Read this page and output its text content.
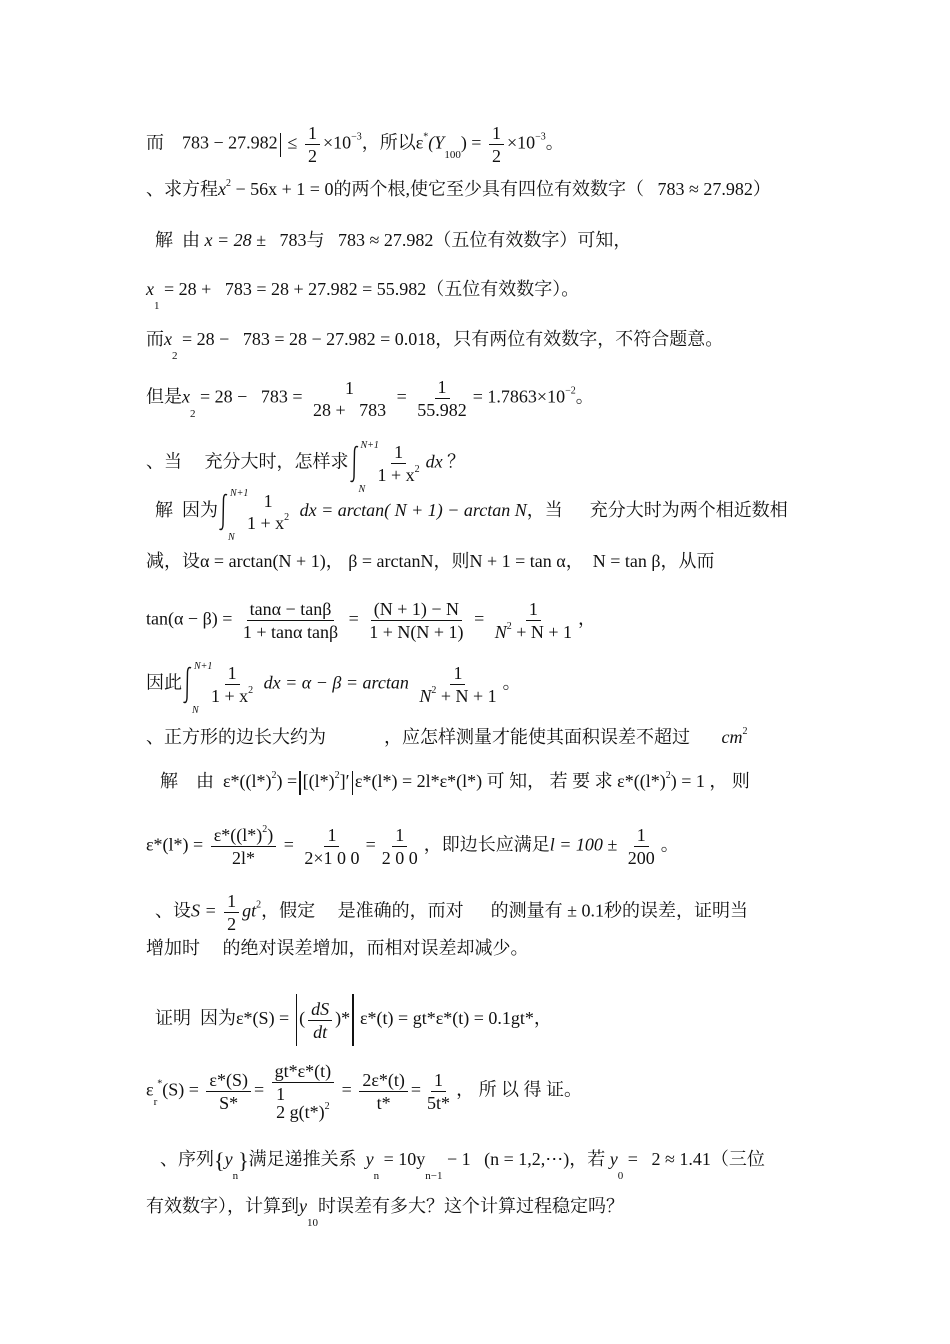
而 $783 - 27.982 \le \frac{1}{2} \times 10^{-3}$，所以$\varepsilon^*(Y_{100}) = \frac{1}{2} \times 10^{-3}$。
、求方程$x^2 - 56x + 1 = 0$的两个根,使它至少具有四位有效数字（ 783 ≈ 27.982）
解 由 x = 28 ± 783与 783 ≈ 27.982（五位有效数字）可知，
$x_1 = 28 + 783 = 28 + 27.982 = 55.982$（五位有效数字）。
而$x_2 = 28 - 783 = 28 - 27.982 = 0.018$，只有两位有效数字，不符合题意。
但是$x_2 = 28 - 783 = 1$
28 + 783
= $\frac{1}{55.982} = 1.7863\times 10^{-2}$。
、当 充分大时，怎样求
N+1
N

$\frac{1}{1 + x^2}$ dx ？
解 因为
N+1
N

1
$1 + x^2$ dx = arctan( N + 1) − arctan N，当 充分大时为两个相近数相
减，设α = arctan(N + 1)， β = arctanN，则N + 1 = tan α， N = tan β，从而
$\tan(\alpha - \beta) = \frac{\tan\alpha - \tan\beta}{\text{1 + tanα tanβ}} = \frac{(N + 1) - N}{1 + N(N + 1)} = \frac{1}{N^2 + N + 1}$ ，
因此
N+1
N

$\frac{1}{1 + x^2}$ dx = $\alpha - \beta = \arctan \frac{1}{N^2 + N + 1}$ 。
、正方形的边长大约为	，应怎样测量才能使其面积误差不超过 $cm^2$
解 由 $\varepsilon*((l*)^2) = [(l*)^2]'$ ε*(l*) = 2l*ε*(l*) 可 知， 若 要 求 $\varepsilon*((l*)^2) = 1$ ， 则
$\varepsilon*(l*) = \frac{\varepsilon*((l*)^2)}{2l*} = \frac{1}{2\times 1 0 0} = \frac{1}{2 0 0}$ ，即边长应满足$l = 100 \pm \frac{1}{200}$ 。
、设$S = \frac{1}{2} gt^2$，假定 是准确的，而对 的测量有 ± 0.1秒的误差，证明当
增加时 的绝对误差增加，而相对误差却减少。
证明 因为ε*(S) = ( $\frac{dS}{dt}$ )* ε*(t) = gt*ε*(t) = 0.1gt*，
$\varepsilon_r^*(S) = \frac{\varepsilon*(S)}{S*} = gt*\varepsilon*(t)$
1
2 $g(t*)^2 = \frac{2\varepsilon*(t)}{t*} = \frac{1}{5t*}$ ， 所 以 得 证。
、序列$\{y_n\}$满足递推关系 $y_n = 10y_{n-1} - 1$ (n = 1,2,⋯)，若 $y_0 = 2 \approx 1.41$（三位
有效数字），计算到$y_{10}$时误差有多大？这个计算过程稳定吗？
